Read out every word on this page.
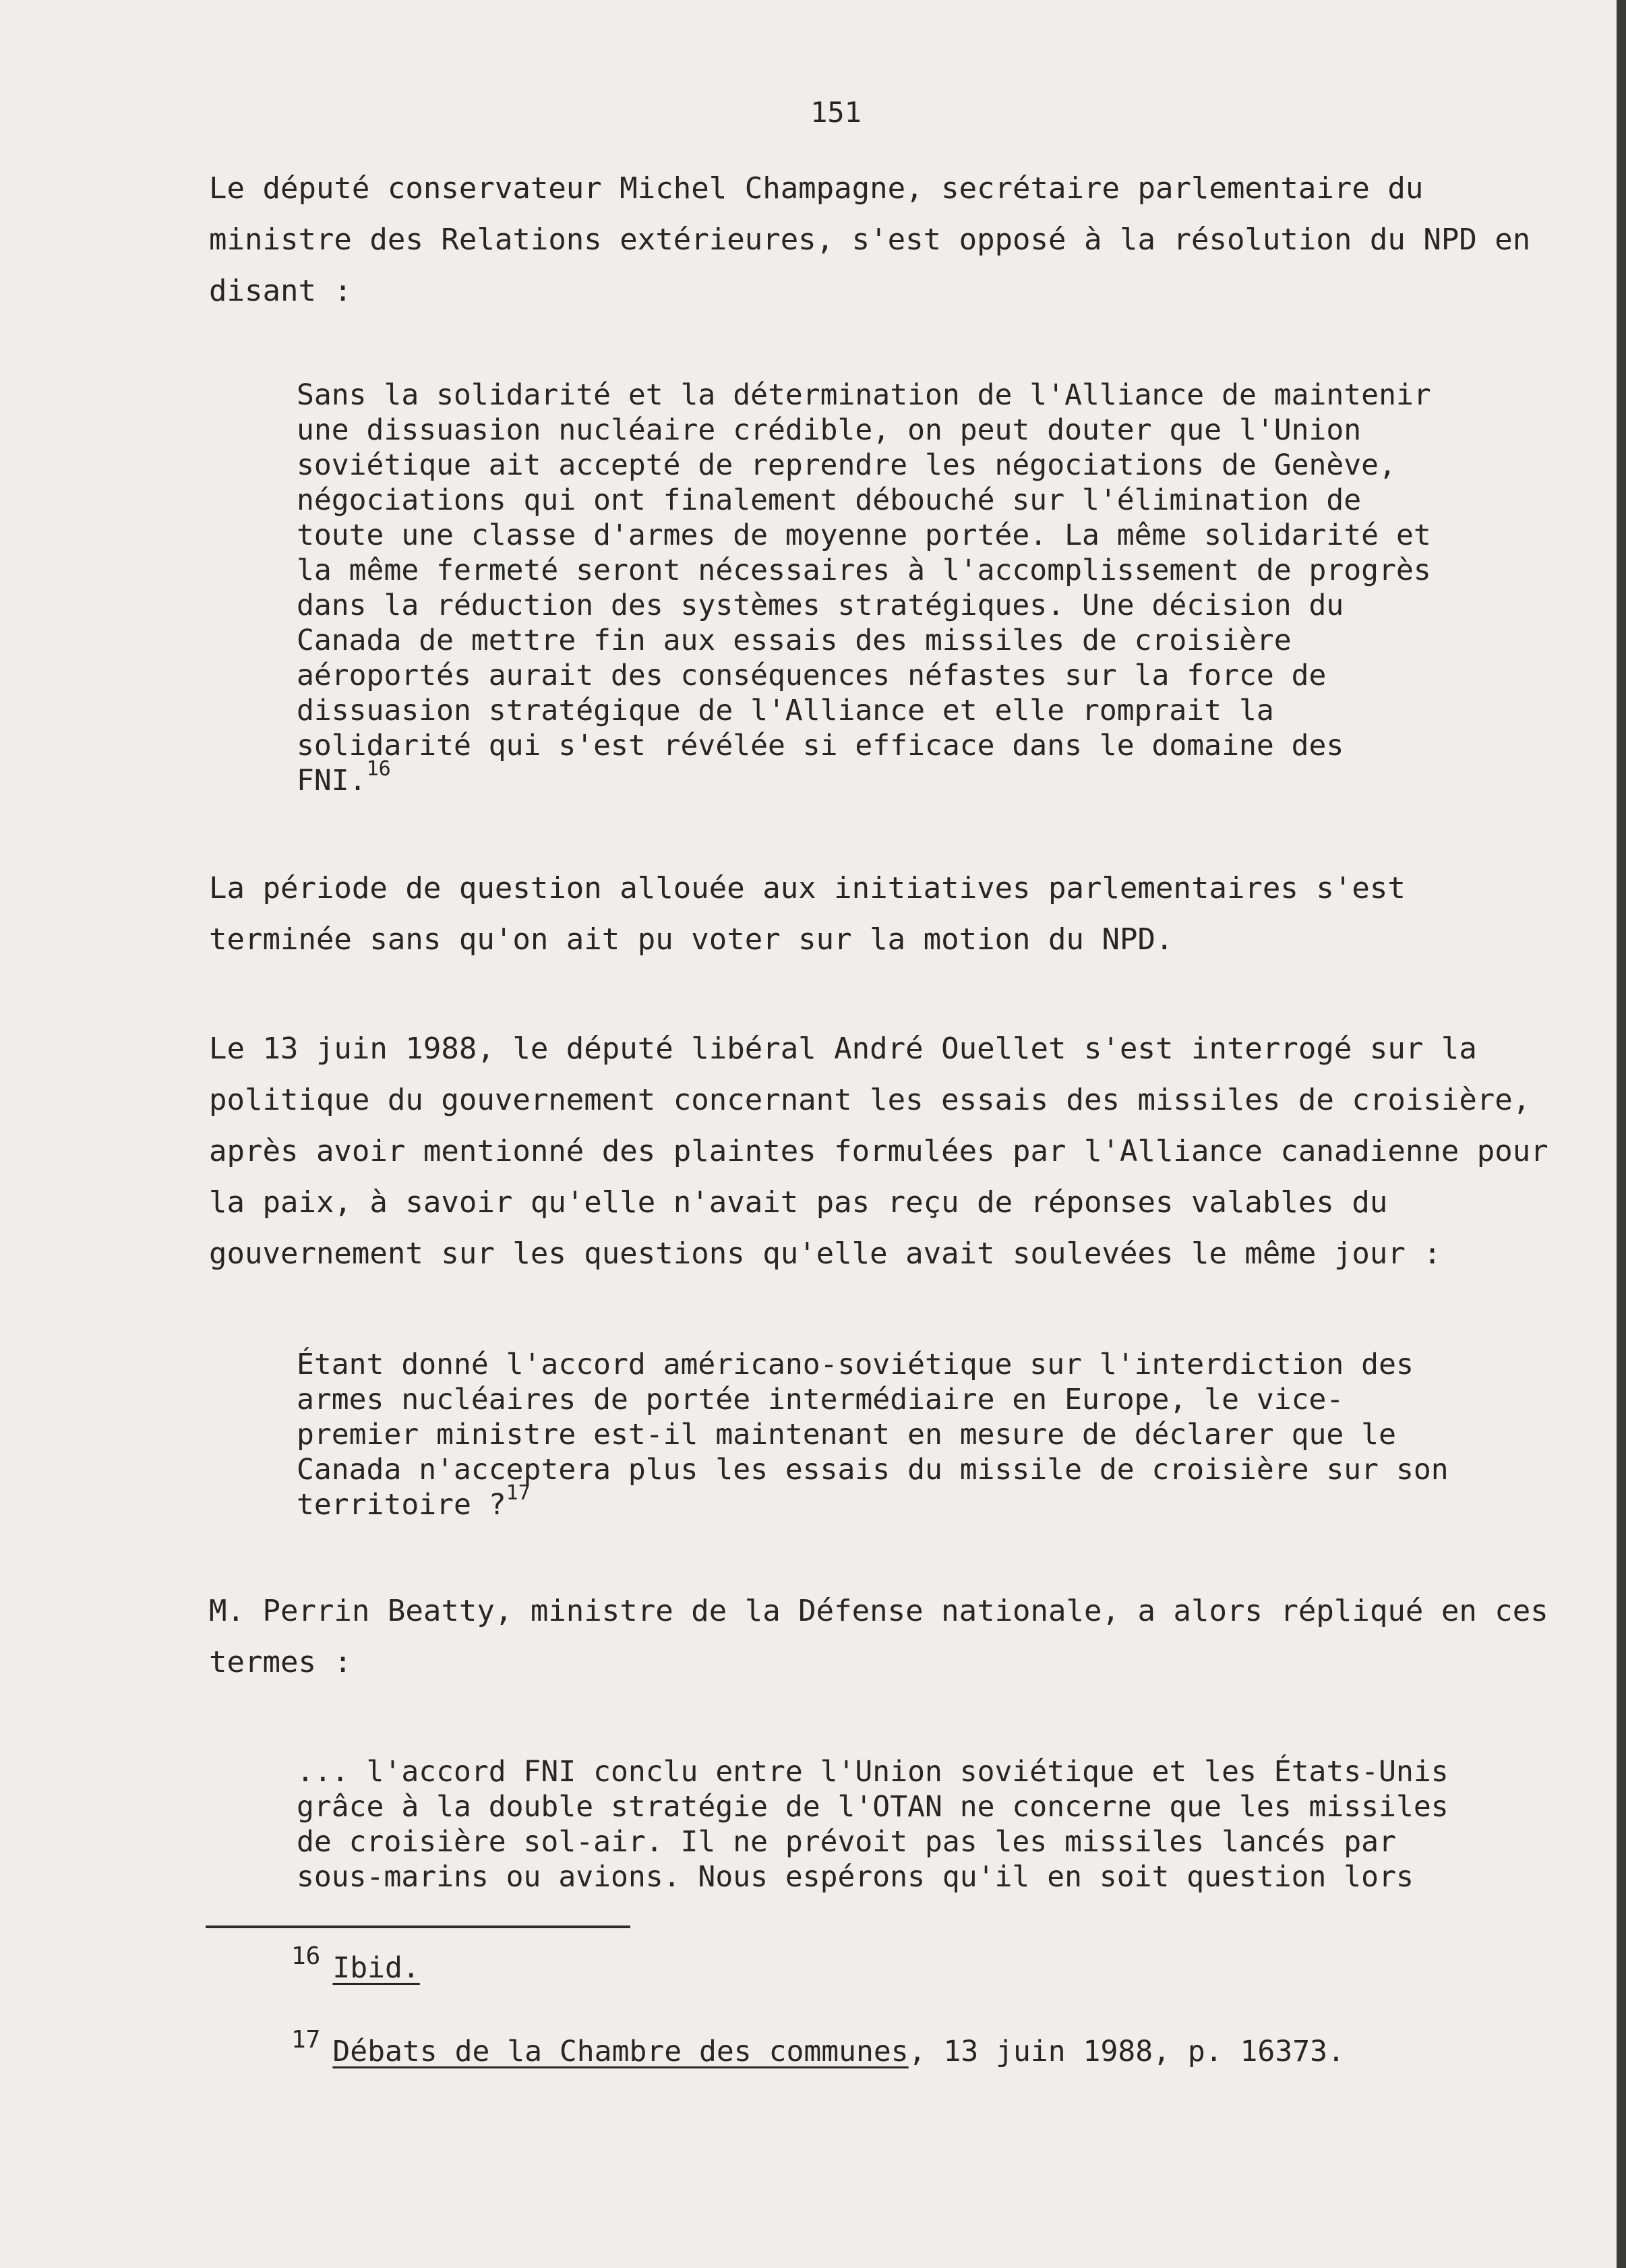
151
Le député conservateur Michel Champagne, secrétaire parlementaire du
ministre des Relations extérieures, s'est opposé à la résolution du NPD en
disant :
Sans la solidarité et la détermination de l'Alliance de maintenir
une dissuasion nucléaire crédible, on peut douter que l'Union
soviétique ait accepté de reprendre les négociations de Genève,
négociations qui ont finalement débouché sur l'élimination de
toute une classe d'armes de moyenne portée. La même solidarité et
la même fermeté seront nécessaires à l'accomplissement de progrès
dans la réduction des systèmes stratégiques. Une décision du
Canada de mettre fin aux essais des missiles de croisière
aéroportés aurait des conséquences néfastes sur la force de
dissuasion stratégique de l'Alliance et elle romprait la
solidarité qui s'est révélée si efficace dans le domaine des
FNI.$^{16}$
La période de question allouée aux initiatives parlementaires s'est
terminée sans qu'on ait pu voter sur la motion du NPD.
Le 13 juin 1988, le député libéral André Ouellet s'est interrogé sur la
politique du gouvernement concernant les essais des missiles de croisière,
après avoir mentionné des plaintes formulées par l'Alliance canadienne pour
la paix, à savoir qu'elle n'avait pas reçu de réponses valables du
gouvernement sur les questions qu'elle avait soulevées le même jour :
Étant donné l'accord américano-soviétique sur l'interdiction des
armes nucléaires de portée intermédiaire en Europe, le vice-
premier ministre est-il maintenant en mesure de déclarer que le
Canada n'acceptera plus les essais du missile de croisière sur son
territoire ?$^{17}$
M. Perrin Beatty, ministre de la Défense nationale, a alors répliqué en ces
termes :
... l'accord FNI conclu entre l'Union soviétique et les États-Unis
grâce à la double stratégie de l'OTAN ne concerne que les missiles
de croisière sol-air. Il ne prévoit pas les missiles lancés par
sous-marins ou avions. Nous espérons qu'il en soit question lors
$^{16}$ Ibid.
$^{17}$ Débats de la Chambre des communes, 13 juin 1988, p. 16373.
